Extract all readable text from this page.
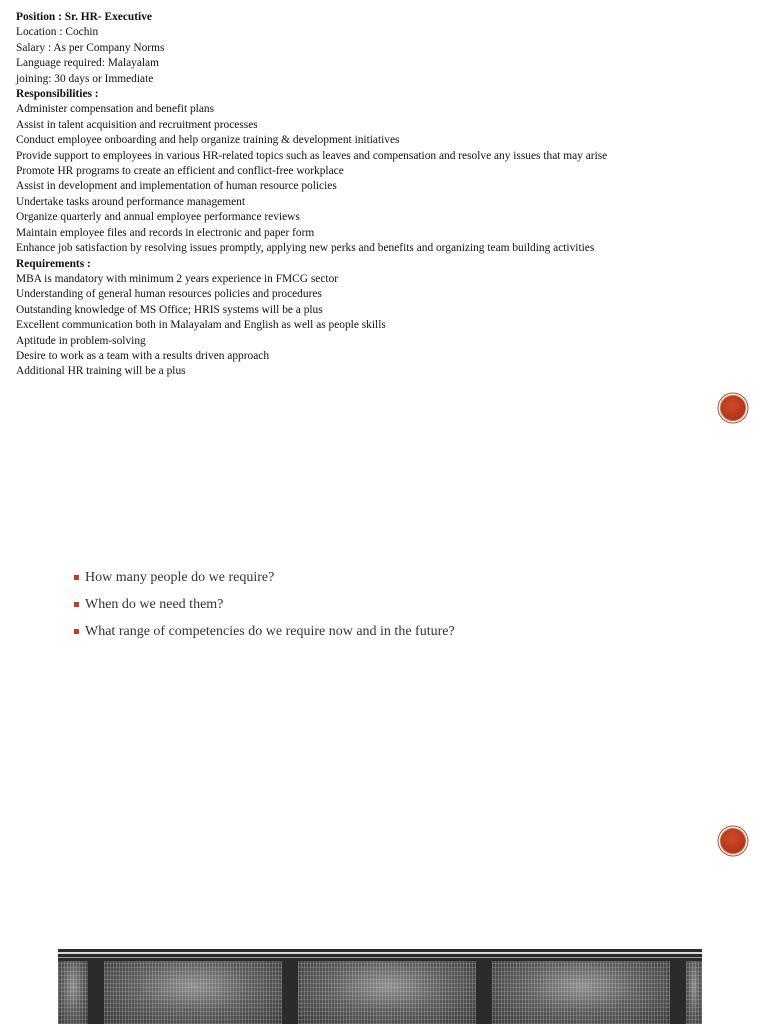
Position : Sr. HR- Executive
Location : Cochin
Salary : As per Company Norms
Language required: Malayalam
joining: 30 days or Immediate
Responsibilities :
Administer compensation and benefit plans
Assist in talent acquisition and recruitment processes
Conduct employee onboarding and help organize training & development initiatives
Provide support to employees in various HR-related topics such as leaves and compensation and resolve any issues that may arise
Promote HR programs to create an efficient and conflict-free workplace
Assist in development and implementation of human resource policies
Undertake tasks around performance management
Organize quarterly and annual employee performance reviews
Maintain employee files and records in electronic and paper form
Enhance job satisfaction by resolving issues promptly, applying new perks and benefits and organizing team building activities
Requirements :
MBA is mandatory with minimum 2 years experience in FMCG sector
Understanding of general human resources policies and procedures
Outstanding knowledge of MS Office; HRIS systems will be a plus
Excellent communication both in Malayalam and English as well as people skills
Aptitude in problem-solving
Desire to work as a team with a results driven approach
Additional HR training will be a plus
How many people do we require?
When do we need them?
What range of competencies do we require now and in the future?
